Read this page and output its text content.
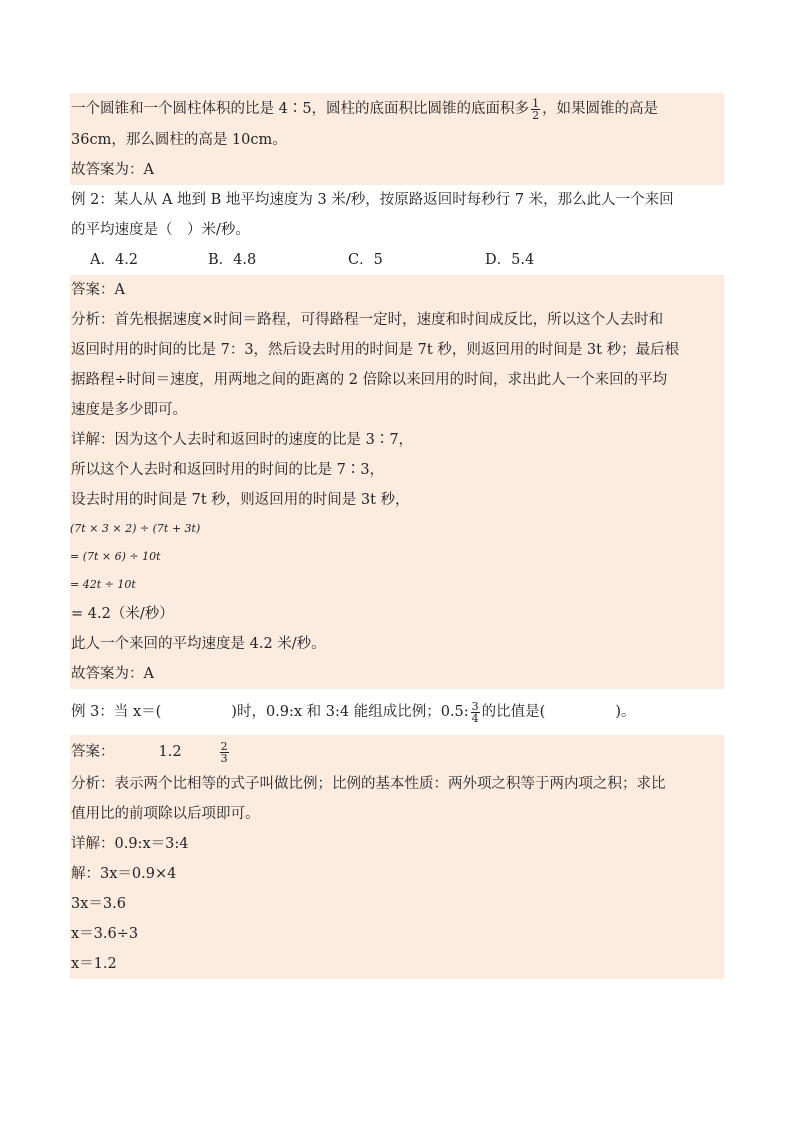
一个圆锥和一个圆柱体积的比是 4∶5，圆柱的底面积比圆锥的底面积多 $\frac{1}{2}$ ，如果圆锥的高是
36cm，那么圆柱的高是 10cm。
故答案为：A
例 2：某人从 A 地到 B 地平均速度为 3 米/秒，按原路返回时每秒行 7 米，那么此人一个来回
的平均速度是（　）米/秒。
A．4.2	B．4.8	C．5	D．5.4
答案：A
分析：首先根据速度×时间＝路程，可得路程一定时，速度和时间成反比，所以这个人去时和
返回时用的时间的比是 7：3，然后设去时用的时间是 7t 秒，则返回用的时间是 3t 秒；最后根
据路程÷时间＝速度，用两地之间的距离的 2 倍除以来回用的时间，求出此人一个来回的平均
速度是多少即可。
详解：因为这个人去时和返回时的速度的比是 3∶7，
所以这个人去时和返回时用的时间的比是 7∶3，
设去时用的时间是 7t 秒，则返回用的时间是 3t 秒，
(7t × 3 × 2) ÷ (7t + 3t)
= (7t × 6) ÷ 10t
= 42t ÷ 10t
= 4.2（米/秒）
此人一个来回的平均速度是 4.2 米/秒。
故答案为：A
例 3：当 x＝(	)时，0.9:x 和 3:4 能组成比例；0.5: $\frac{3}{4}$ 的比值是(	)。
答案：	1.2	$\frac{2}{3}$
分析：表示两个比相等的式子叫做比例；比例的基本性质：两外项之积等于两内项之积；求比
值用比的前项除以后项即可。
详解：0.9:x＝3:4
解：3x＝0.9×4
3x＝3.6
x＝3.6÷3
x＝1.2
